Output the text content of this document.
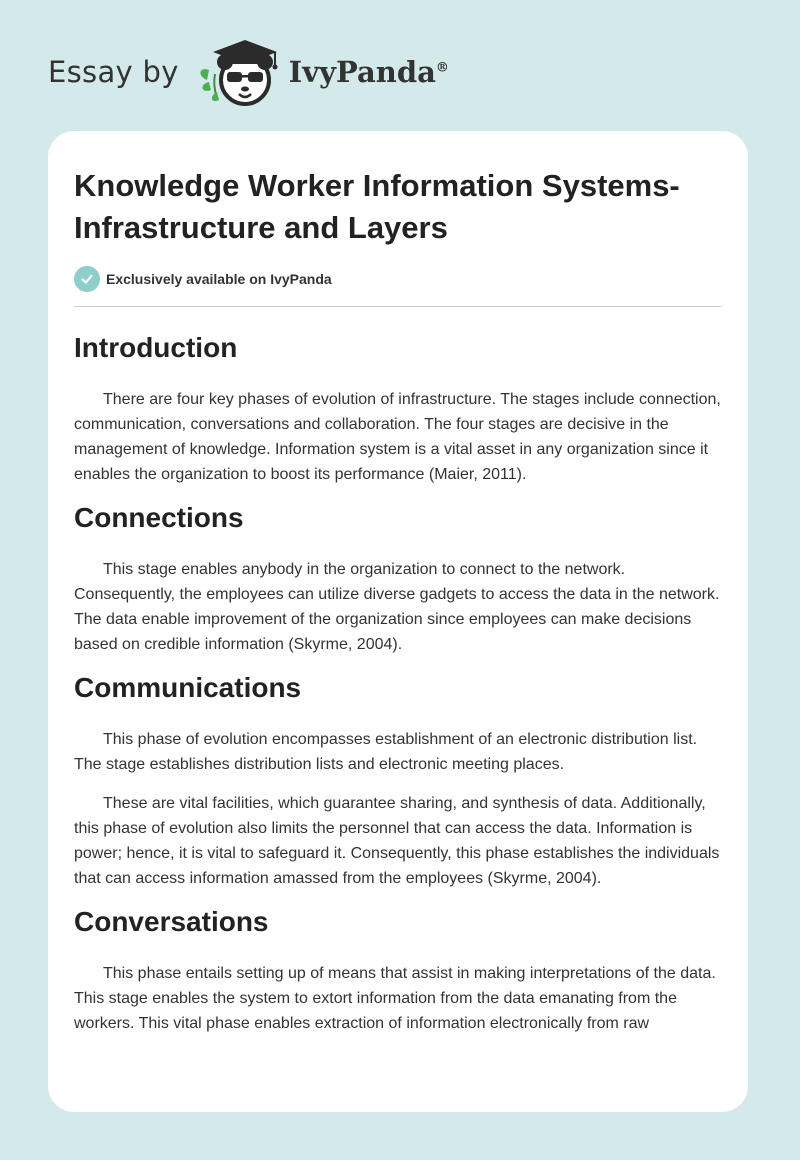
Essay by	IvyPanda®
Knowledge Worker Information Systems-Infrastructure and Layers
Exclusively available on IvyPanda
Introduction

There are four key phases of evolution of infrastructure. The stages include connection, communication, conversations and collaboration. The four stages are decisive in the management of knowledge. Information system is a vital asset in any organization since it enables the organization to boost its performance (Maier, 2011).

Connections

This stage enables anybody in the organization to connect to the network. Consequently, the employees can utilize diverse gadgets to access the data in the network. The data enable improvement of the organization since employees can make decisions based on credible information (Skyrme, 2004).

Communications

This phase of evolution encompasses establishment of an electronic distribution list. The stage establishes distribution lists and electronic meeting places.

These are vital facilities, which guarantee sharing, and synthesis of data. Additionally, this phase of evolution also limits the personnel that can access the data. Information is power; hence, it is vital to safeguard it. Consequently, this phase establishes the individuals that can access information amassed from the employees (Skyrme, 2004).

Conversations

This phase entails setting up of means that assist in making interpretations of the data. This stage enables the system to extort information from the data emanating from the workers. This vital phase enables extraction of information electronically from raw
